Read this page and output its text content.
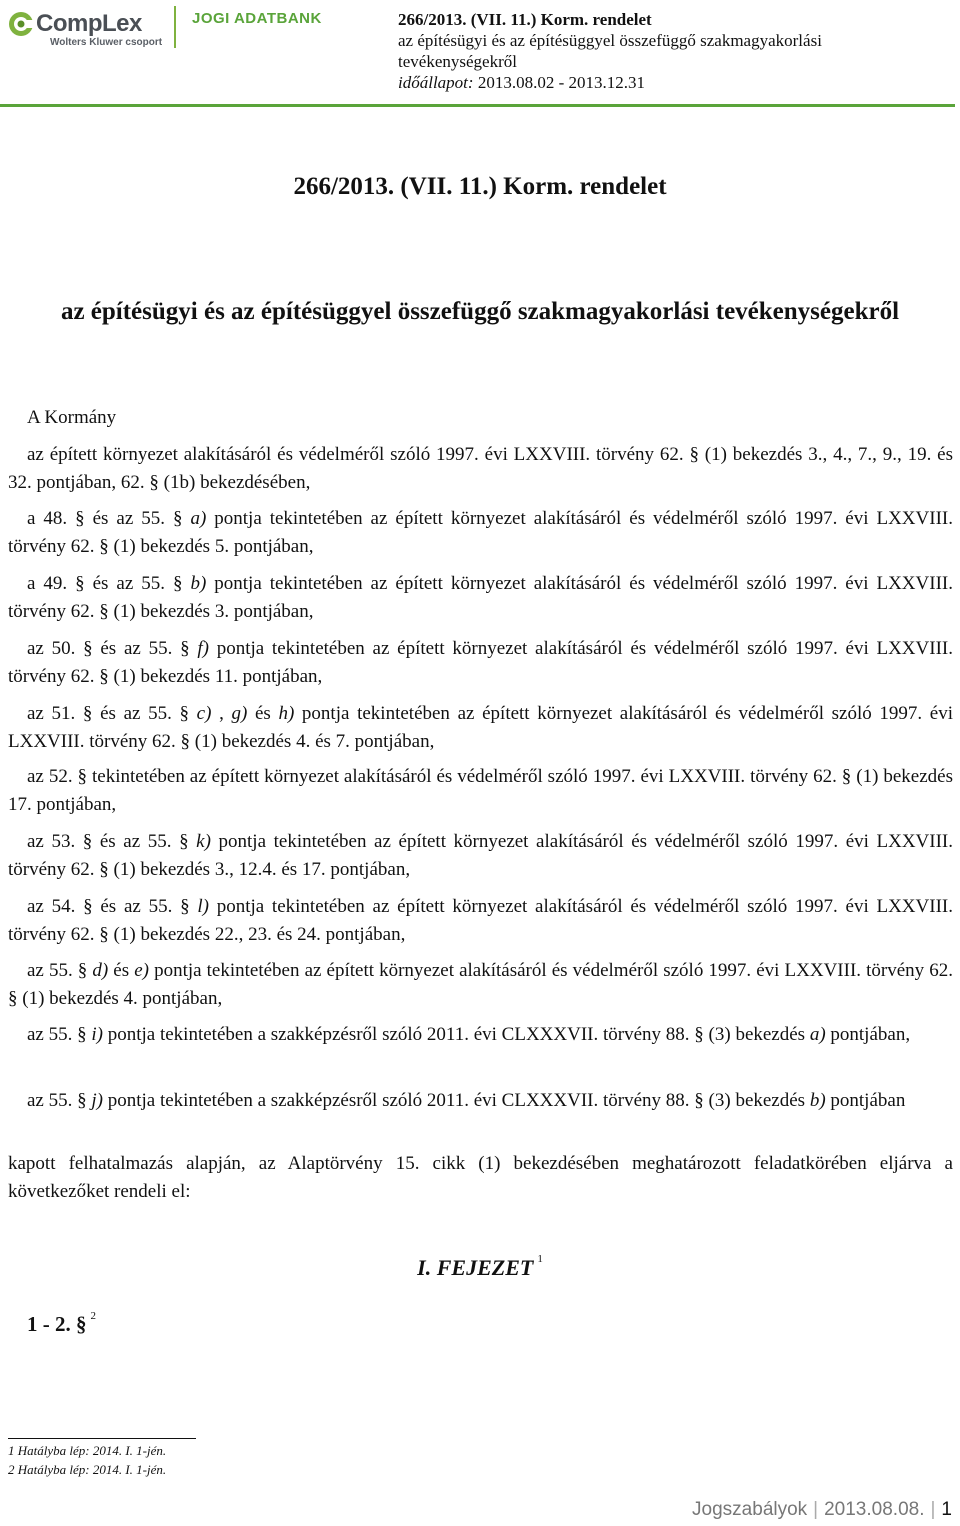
CompLex
Wolters Kluwer csoport
JOGI ADATBANK	266/2013. (VII. 11.) Korm. rendelet
az építésügyi és az építésüggyel összefüggő szakmagyakorlási
tevékenységekről
időállapot: 2013.08.02 - 2013.12.31
266/2013. (VII. 11.) Korm. rendelet
az építésügyi és az építésüggyel összefüggő szakmagyakorlási tevékenységekről
A Kormány
az épített környezet alakításáról és védelméről szóló 1997. évi LXXVIII. törvény 62. § (1) bekezdés 3., 4., 7., 9., 19. és 32. pontjában, 62. § (1b) bekezdésében,
a 48. § és az 55. § a) pontja tekintetében az épített környezet alakításáról és védelméről szóló 1997. évi LXXVIII. törvény 62. § (1) bekezdés 5. pontjában,
a 49. § és az 55. § b) pontja tekintetében az épített környezet alakításáról és védelméről szóló 1997. évi LXXVIII. törvény 62. § (1) bekezdés 3. pontjában,
az 50. § és az 55. § f) pontja tekintetében az épített környezet alakításáról és védelméről szóló 1997. évi LXXVIII. törvény 62. § (1) bekezdés 11. pontjában,
az 51. § és az 55. § c) , g) és h) pontja tekintetében az épített környezet alakításáról és védelméről szóló 1997. évi LXXVIII. törvény 62. § (1) bekezdés 4. és 7. pontjában,
az 52. § tekintetében az épített környezet alakításáról és védelméről szóló 1997. évi LXXVIII. törvény 62. § (1) bekezdés 17. pontjában,
az 53. § és az 55. § k) pontja tekintetében az épített környezet alakításáról és védelméről szóló 1997. évi LXXVIII. törvény 62. § (1) bekezdés 3., 12.4. és 17. pontjában,
az 54. § és az 55. § l) pontja tekintetében az épített környezet alakításáról és védelméről szóló 1997. évi LXXVIII. törvény 62. § (1) bekezdés 22., 23. és 24. pontjában,
az 55. § d) és e) pontja tekintetében az épített környezet alakításáról és védelméről szóló 1997. évi LXXVIII. törvény 62. § (1) bekezdés 4. pontjában,
az 55. § i) pontja tekintetében a szakképzésről szóló 2011. évi CLXXXVII. törvény 88. § (3) bekezdés a) pontjában,
az 55. § j) pontja tekintetében a szakképzésről szóló 2011. évi CLXXXVII. törvény 88. § (3) bekezdés b) pontjában
kapott felhatalmazás alapján, az Alaptörvény 15. cikk (1) bekezdésében meghatározott feladatkörében eljárva a következőket rendeli el:
I. FEJEZET $^1$
1 - 2. § $^2$
1 Hatályba lép: 2014. I. 1-jén.
2 Hatályba lép: 2014. I. 1-jén.
Jogszabályok | 2013.08.08. | 1
